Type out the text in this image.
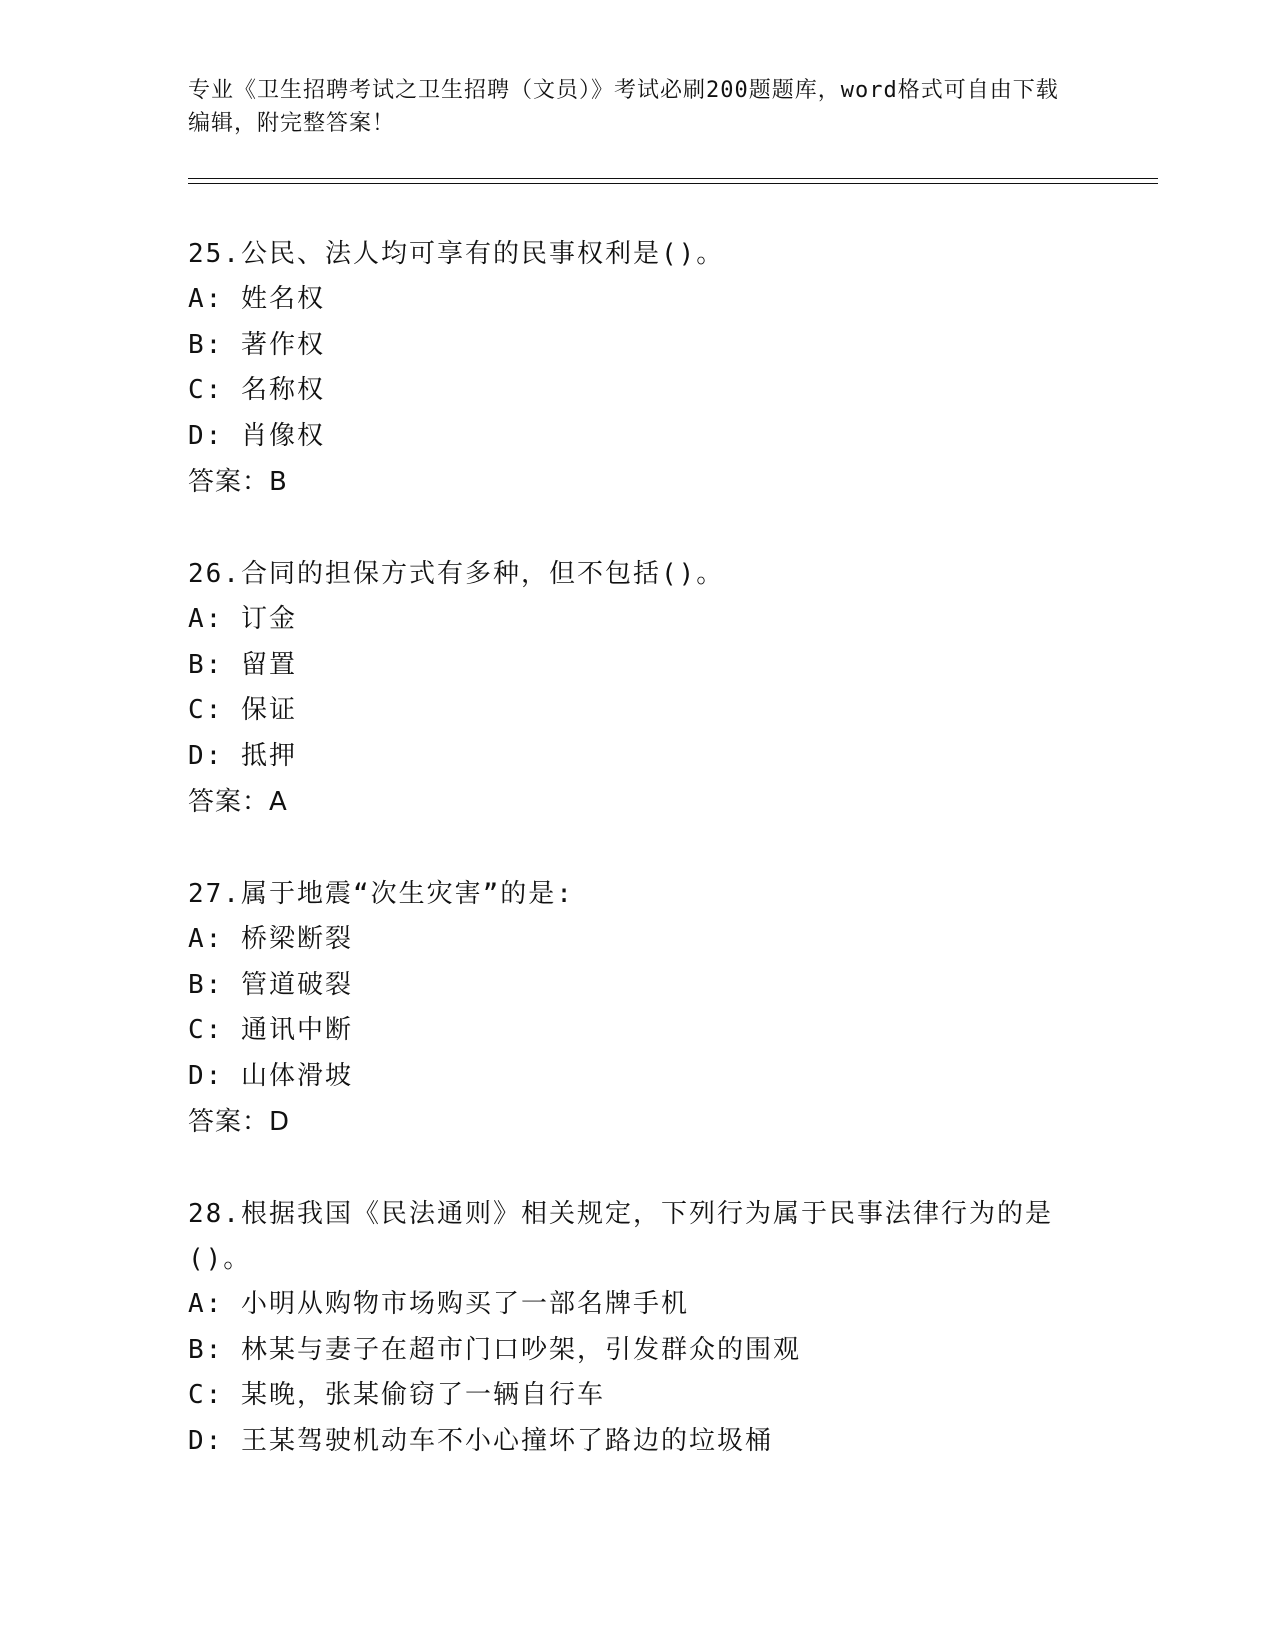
专业《卫生招聘考试之卫生招聘（文员）》考试必刷200题题库，word格式可自由下载编辑，附完整答案！
25.公民、法人均可享有的民事权利是()。
A: 姓名权
B: 著作权
C: 名称权
D: 肖像权
答案：B
26.合同的担保方式有多种，但不包括()。
A: 订金
B: 留置
C: 保证
D: 抵押
答案：A
27.属于地震“次生灾害”的是:
A: 桥梁断裂
B: 管道破裂
C: 通讯中断
D: 山体滑坡
答案：D
28.根据我国《民法通则》相关规定，下列行为属于民事法律行为的是()。
A: 小明从购物市场购买了一部名牌手机
B: 林某与妻子在超市门口吵架，引发群众的围观
C: 某晚，张某偷窃了一辆自行车
D: 王某驾驶机动车不小心撞坏了路边的垃圾桶
